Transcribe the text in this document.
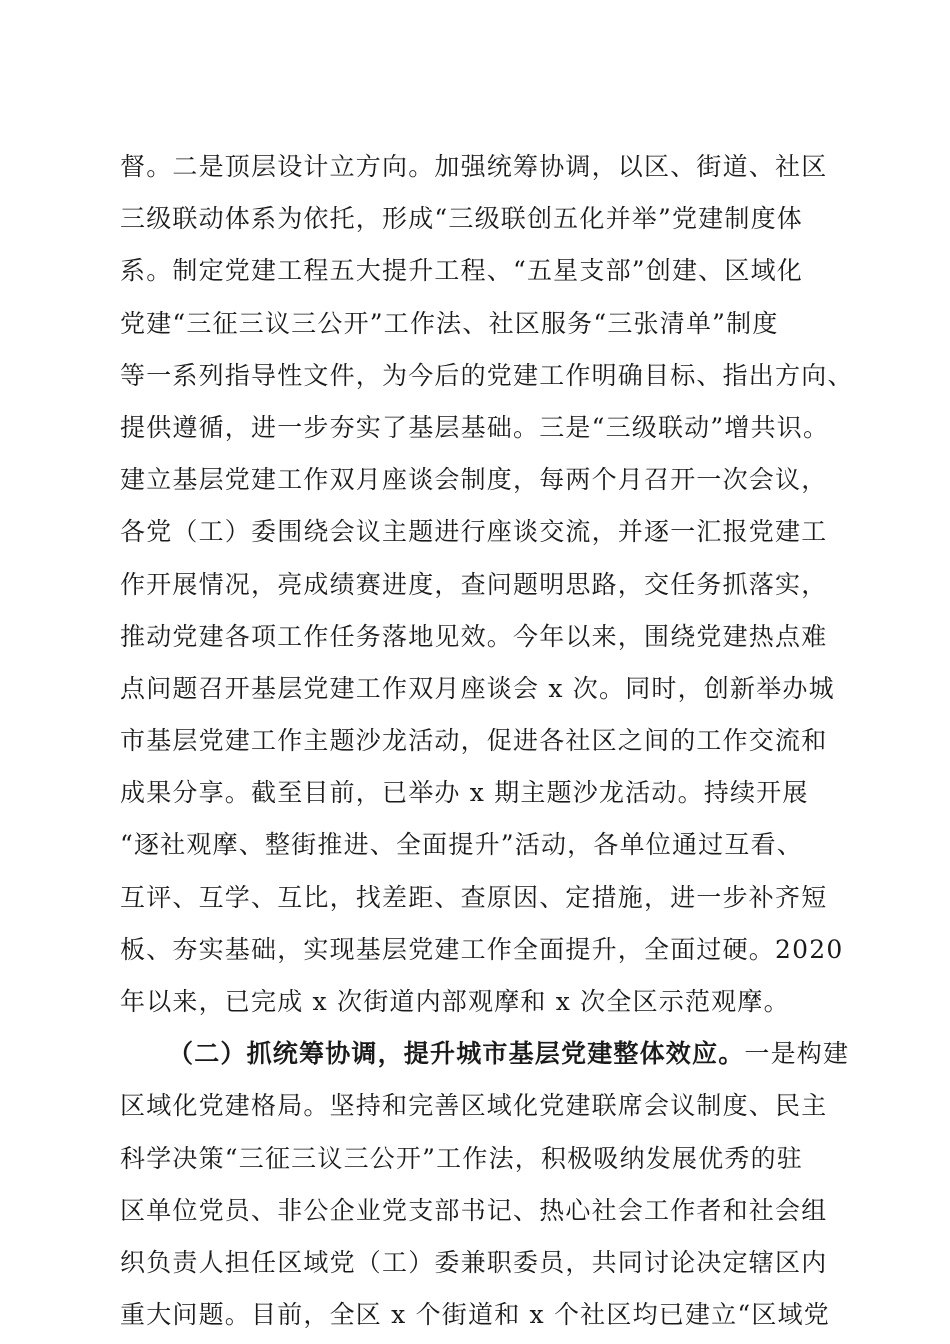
督。二是顶层设计立方向。加强统筹协调，以区、街道、社区
三级联动体系为依托，形成“三级联创五化并举”党建制度体
系。制定党建工程五大提升工程、“五星支部”创建、区域化
党建“三征三议三公开”工作法、社区服务“三张清单”制度
等一系列指导性文件，为今后的党建工作明确目标、指出方向、
提供遵循，进一步夯实了基层基础。三是“三级联动”增共识。
建立基层党建工作双月座谈会制度，每两个月召开一次会议，
各党（工）委围绕会议主题进行座谈交流，并逐一汇报党建工
作开展情况，亮成绩赛进度，查问题明思路，交任务抓落实，
推动党建各项工作任务落地见效。今年以来，围绕党建热点难
点问题召开基层党建工作双月座谈会 x 次。同时，创新举办城
市基层党建工作主题沙龙活动，促进各社区之间的工作交流和
成果分享。截至目前，已举办 x 期主题沙龙活动。持续开展
“逐社观摩、整街推进、全面提升”活动，各单位通过互看、
互评、互学、互比，找差距、查原因、定措施，进一步补齐短
板、夯实基础，实现基层党建工作全面提升，全面过硬。2020
年以来，已完成 x 次街道内部观摩和 x 次全区示范观摩。
（二）抓统筹协调，提升城市基层党建整体效应。一是构建
区域化党建格局。坚持和完善区域化党建联席会议制度、民主
科学决策“三征三议三公开”工作法，积极吸纳发展优秀的驻
区单位党员、非公企业党支部书记、热心社会工作者和社会组
织负责人担任区域党（工）委兼职委员，共同讨论决定辖区内
重大问题。目前，全区 x 个街道和 x 个社区均已建立“区域党
